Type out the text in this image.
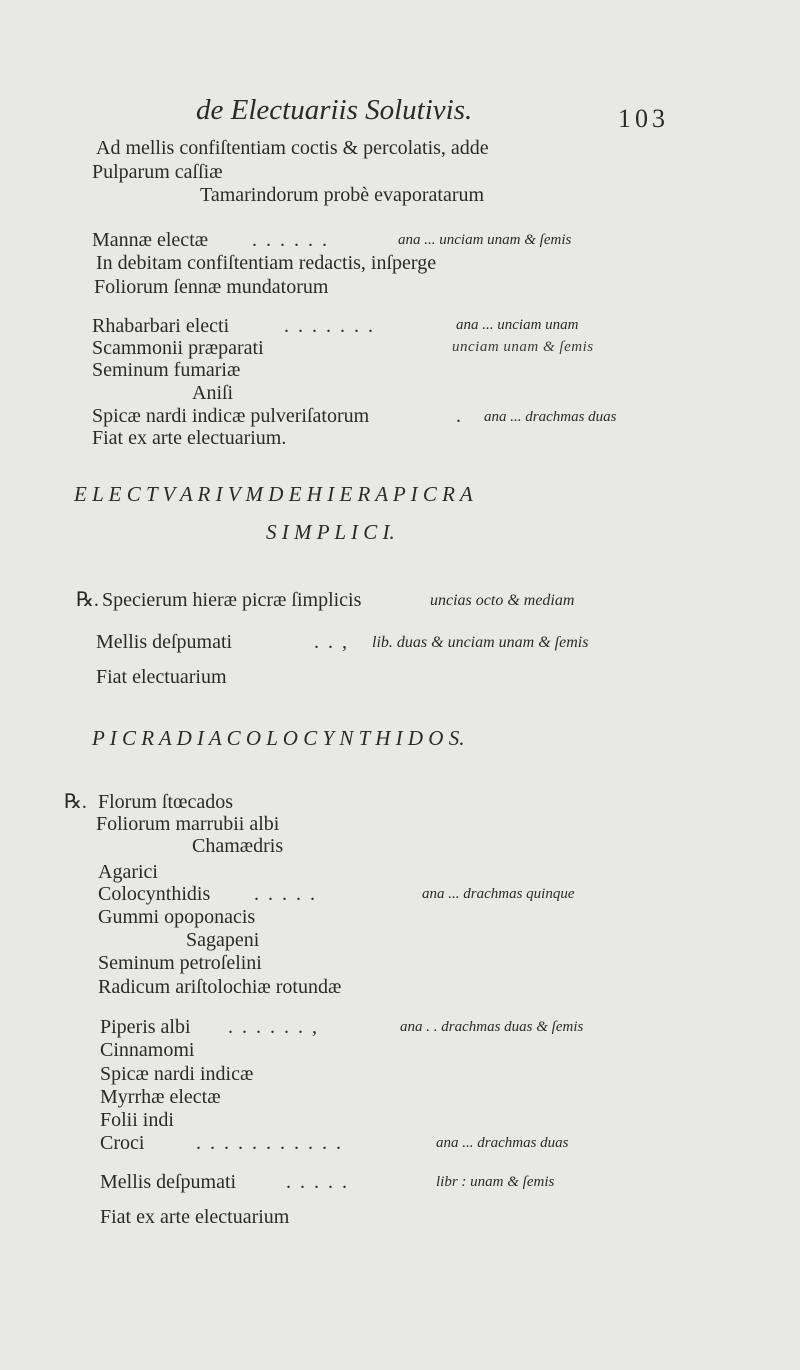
de Electuariis Solutivis.	103
Ad mellis confiſtentiam coctis & percolatis, adde
Pulparum caſſiæ
Tamarindorum probè evaporatarum
Mannæ electæ . . . . . .	ana ... unciam unam & ſemis
In debitam confiſtentiam redactis, inſperge
Foliorum ſennæ mundatorum
Rhabarbari electi	. . . . . . .	ana ... unciam unam
Scammonii præparati	unciam unam & ſemis
Seminum fumariæ
Aniſi
Spicæ nardi indicæ pulveriſatorum	. ana ... drachmas duas
Fiat ex arte electuarium.
E L E C T V A R I V M D E H I E R A P I C R A
S I M P L I C I.
℞. Specierum hieræ picræ ſimplicis	uncias octo & mediam
Mellis deſpumati	. . , lib. duas & unciam unam & ſemis
Fiat electuarium
P I C R A D I A C O L O C Y N T H I D O S.
℞. Florum ſtœcados
Foliorum marrubii albi
Chamædris
Agarici
Colocynthidis . . . . .	ana ... drachmas quinque
Gummi opoponacis
Sagapeni
Seminum petroſelini
Radicum ariſtolochiæ rotundæ
Piperis albi . . . . . . ,	ana . . drachmas duas & ſemis
Cinnamomi
Spicæ nardi indicæ
Myrrhæ electæ
Folii indi
Croci	. . . . . . . . . . .	ana ... drachmas duas
Mellis deſpumati . . . . .	libr : unam & ſemis
Fiat ex arte electuarium
